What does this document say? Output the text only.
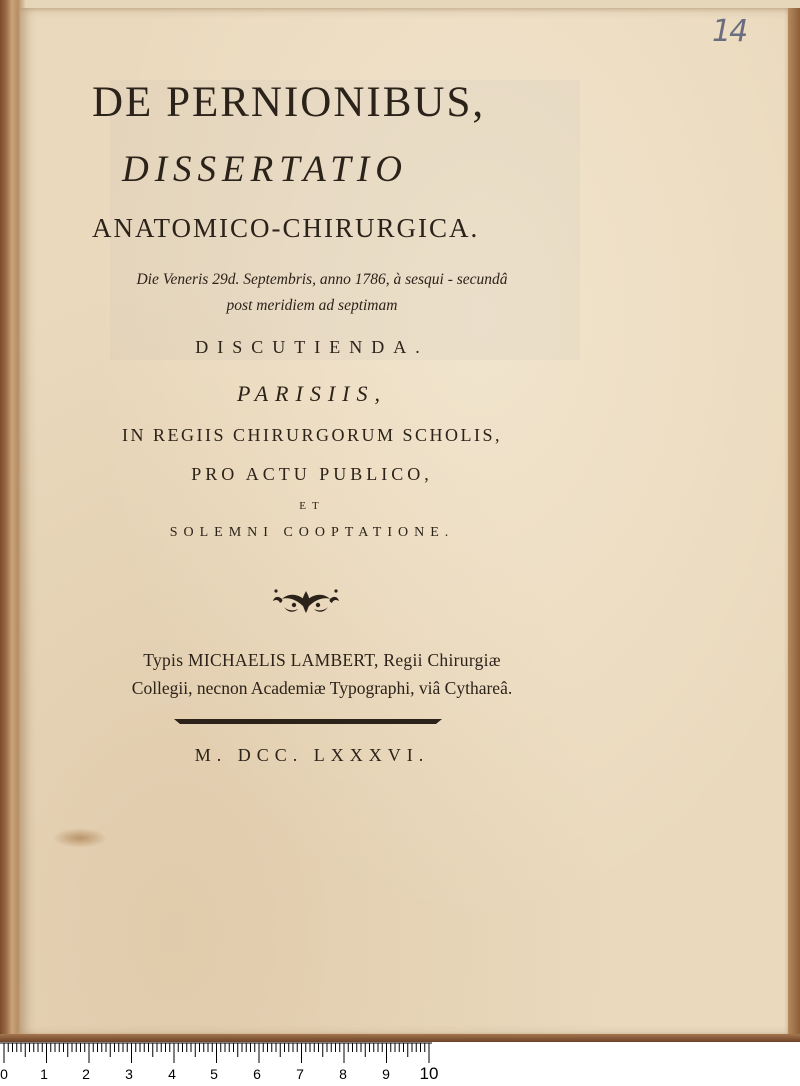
14
DE PERNIONIBUS,
DISSERTATIO
ANATOMICO-CHIRURGICA.
Die Veneris 29d. Septembris, anno 1786, à sesqui - secundâ
post meridiem ad septimam
DISCUTIENDA.
PARISIIS,
IN REGIIS CHIRURGORUM SCHOLIS,
PRO ACTU PUBLICO,
ET
SOLEMNI COOPTATIONE.
Typis MICHAELIS LAMBERT, Regii Chirurgiæ
Collegii, necnon Academiæ Typographi, viâ Cythareâ.
M. DCC. LXXXVI.
0 1 2	3	4 5	6	7	8	9 10
